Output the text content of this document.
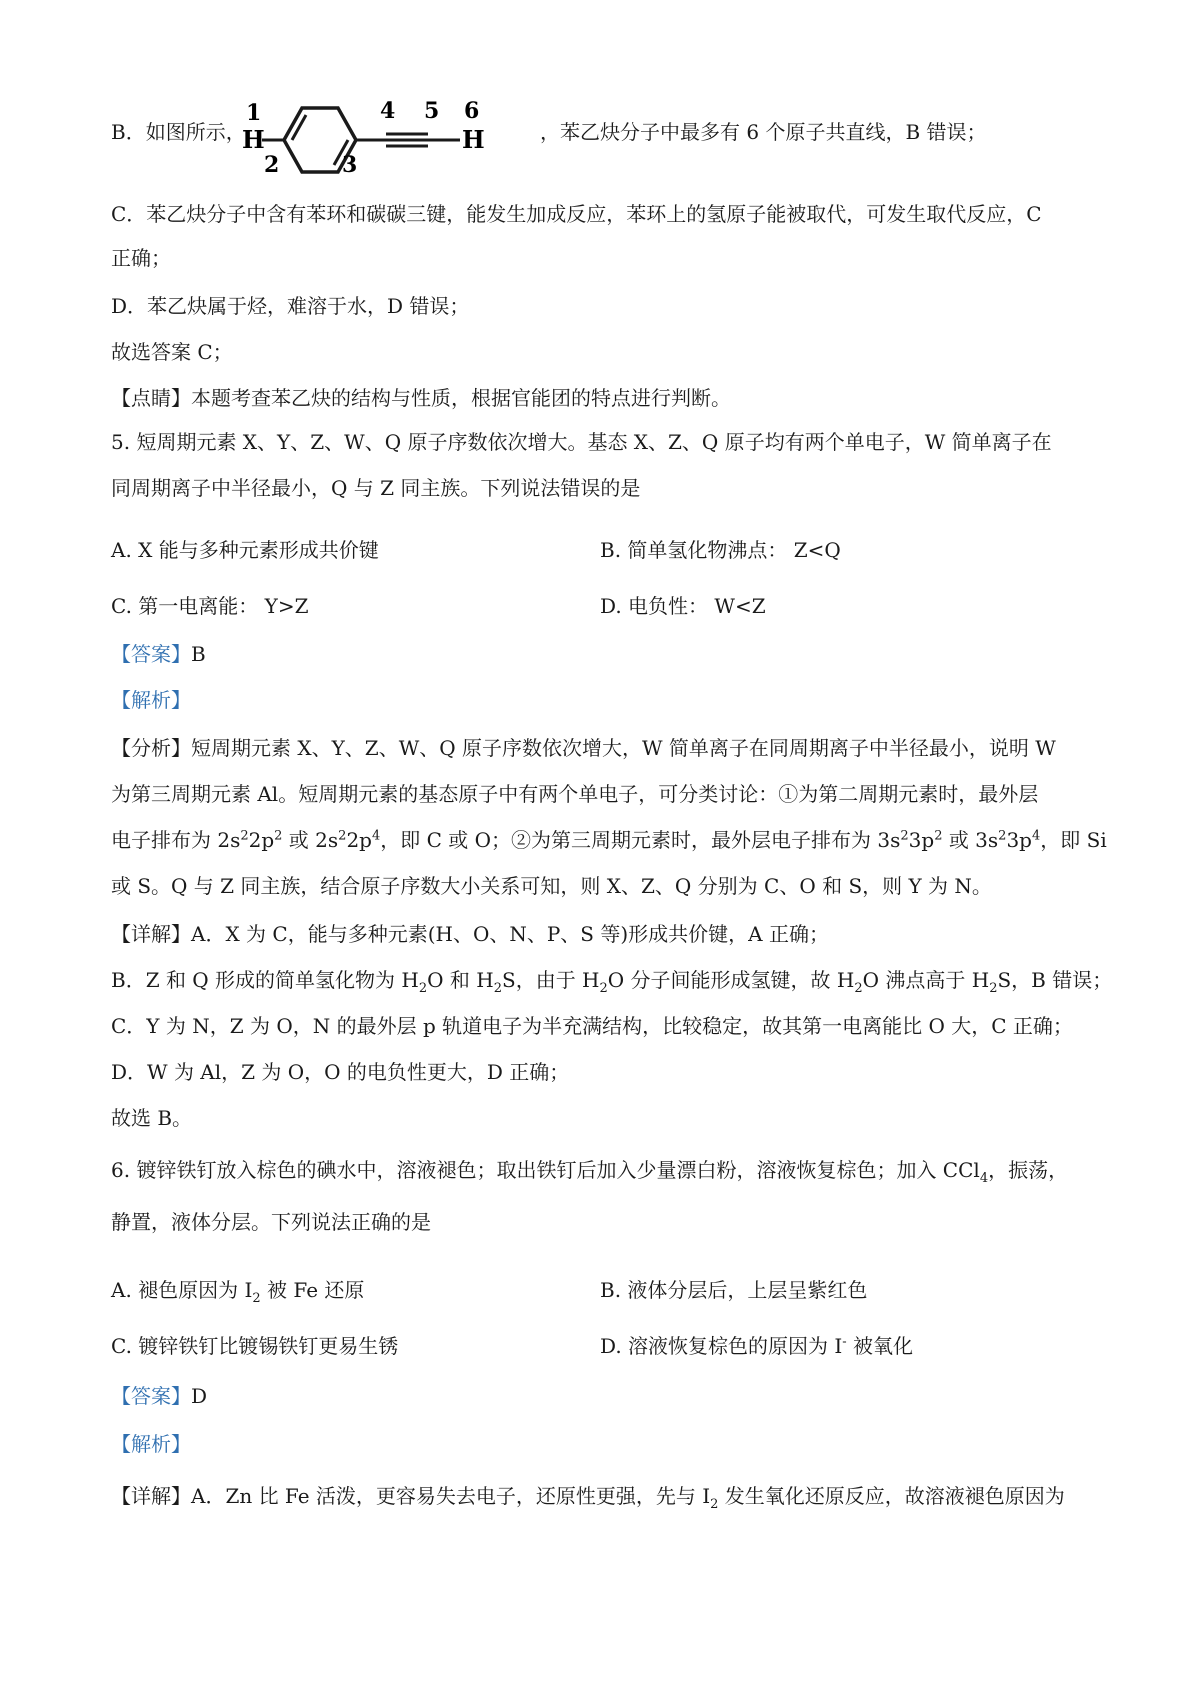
B．如图所示，
1
H
2	3
4 5 6
H	，苯乙炔分子中最多有 6 个原子共直线，B 错误；
C．苯乙炔分子中含有苯环和碳碳三键，能发生加成反应，苯环上的氢原子能被取代，可发生取代反应，C
正确；
D．苯乙炔属于烃，难溶于水，D 错误；
故选答案 C；
【点睛】本题考查苯乙炔的结构与性质，根据官能团的特点进行判断。
5. 短周期元素 X、Y、Z、W、Q 原子序数依次增大。基态 X、Z、Q 原子均有两个单电子，W 简单离子在
同周期离子中半径最小，Q 与 Z 同主族。下列说法错误的是
A. X 能与多种元素形成共价键	B. 简单氢化物沸点： Z<Q
C. 第一电离能： Y>Z	D. 电负性： W<Z
【答案】B
【解析】
【分析】短周期元素 X、Y、Z、W、Q 原子序数依次增大，W 简单离子在同周期离子中半径最小，说明 W
为第三周期元素 Al。短周期元素的基态原子中有两个单电子，可分类讨论：①为第二周期元素时，最外层
电子排布为 $2s^22p^2$ 或 $2s^22p^4$，即 C 或 O；②为第三周期元素时，最外层电子排布为 $3s^23p^2$ 或 $3s^23p^4$，即 Si
或 S。Q 与 Z 同主族，结合原子序数大小关系可知，则 X、Z、Q 分别为 C、O 和 S，则 Y 为 N。
【详解】A．X 为 C，能与多种元素(H、O、N、P、S 等)形成共价键，A 正确；
B．Z 和 Q 形成的简单氢化物为 $H_2O$ 和 $H_2S$，由于 $H_2O$ 分子间能形成氢键，故 $H_2O$ 沸点高于 $H_2S$，B 错误；
C．Y 为 N，Z 为 O，N 的最外层 p 轨道电子为半充满结构，比较稳定，故其第一电离能比 O 大，C 正确；
D．W 为 Al，Z 为 O，O 的电负性更大，D 正确；
故选 B。
6. 镀锌铁钉放入棕色的碘水中，溶液褪色；取出铁钉后加入少量漂白粉，溶液恢复棕色；加入 CCl$_4$，振荡，
静置，液体分层。下列说法正确的是
A. 褪色原因为 $I_2$ 被 Fe 还原	B. 液体分层后，上层呈紫红色
C. 镀锌铁钉比镀锡铁钉更易生锈	D. 溶液恢复棕色的原因为 I- 被氧化
【答案】D
【解析】
【详解】A．Zn 比 Fe 活泼，更容易失去电子，还原性更强，先与 $I_2$ 发生氧化还原反应，故溶液褪色原因为
